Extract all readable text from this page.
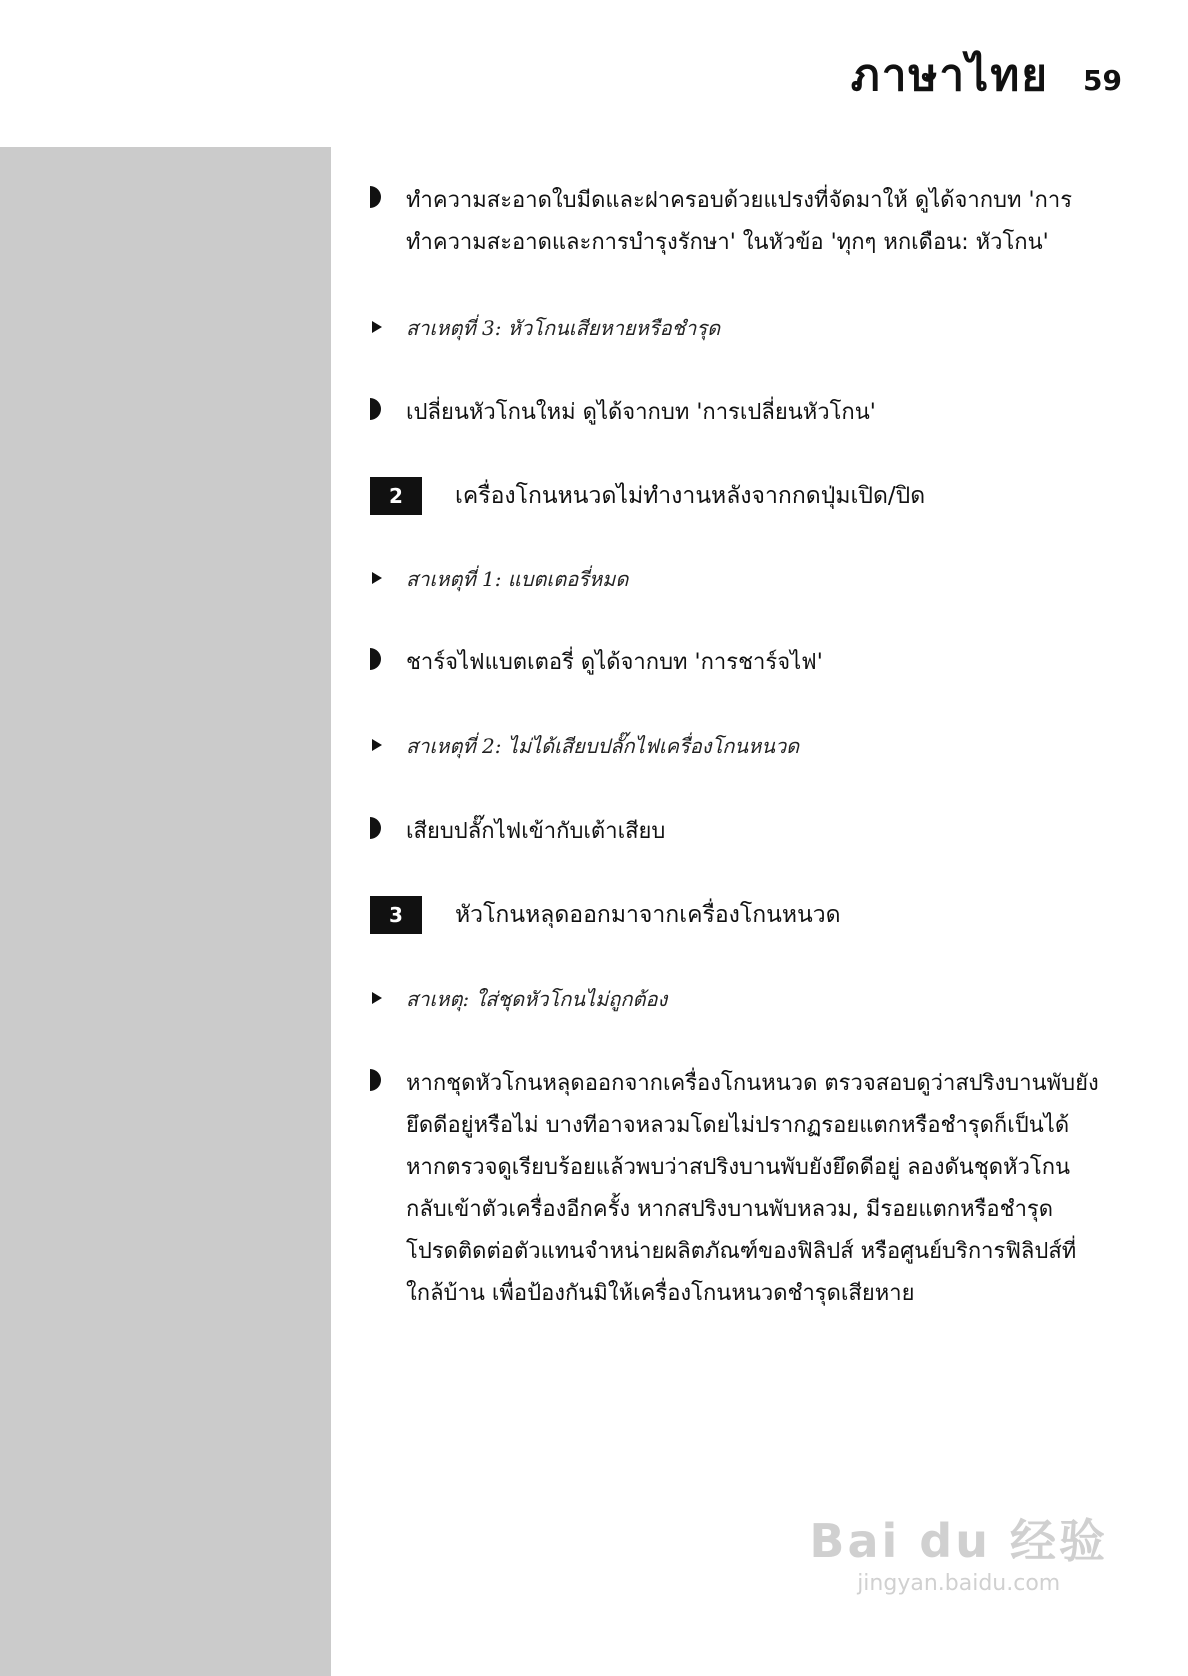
ภาษาไทย 59
ทำความสะอาดใบมีดและฝาครอบด้วยแปรงที่จัดมาให้ ดูได้จากบท 'การทำความสะอาดและการบำรุงรักษา' ในหัวข้อ 'ทุกๆ หกเดือน: หัวโกน'
สาเหตุที่ 3: หัวโกนเสียหายหรือชำรุด
เปลี่ยนหัวโกนใหม่ ดูได้จากบท 'การเปลี่ยนหัวโกน'
2	เครื่องโกนหนวดไม่ทำงานหลังจากกดปุ่มเปิด/ปิด
สาเหตุที่ 1: แบตเตอรี่หมด
ชาร์จไฟแบตเตอรี่ ดูได้จากบท 'การชาร์จไฟ'
สาเหตุที่ 2: ไม่ได้เสียบปลั๊กไฟเครื่องโกนหนวด
เสียบปลั๊กไฟเข้ากับเต้าเสียบ
3	หัวโกนหลุดออกมาจากเครื่องโกนหนวด
สาเหตุ: ใส่ชุดหัวโกนไม่ถูกต้อง
หากชุดหัวโกนหลุดออกจากเครื่องโกนหนวด ตรวจสอบดูว่าสปริงบานพับยังยึดดีอยู่หรือไม่ บางทีอาจหลวมโดยไม่ปรากฏรอยแตกหรือชำรุดก็เป็นได้ หากตรวจดูเรียบร้อยแล้วพบว่าสปริงบานพับยังยึดดีอยู่ ลองดันชุดหัวโกนกลับเข้าตัวเครื่องอีกครั้ง หากสปริงบานพับหลวม, มีรอยแตกหรือชำรุด โปรดติดต่อตัวแทนจำหน่ายผลิตภัณฑ์ของฟิลิปส์ หรือศูนย์บริการฟิลิปส์ที่ใกล้บ้าน เพื่อป้องกันมิให้เครื่องโกนหนวดชำรุดเสียหาย
Bai du 经验
jingyan.baidu.com
